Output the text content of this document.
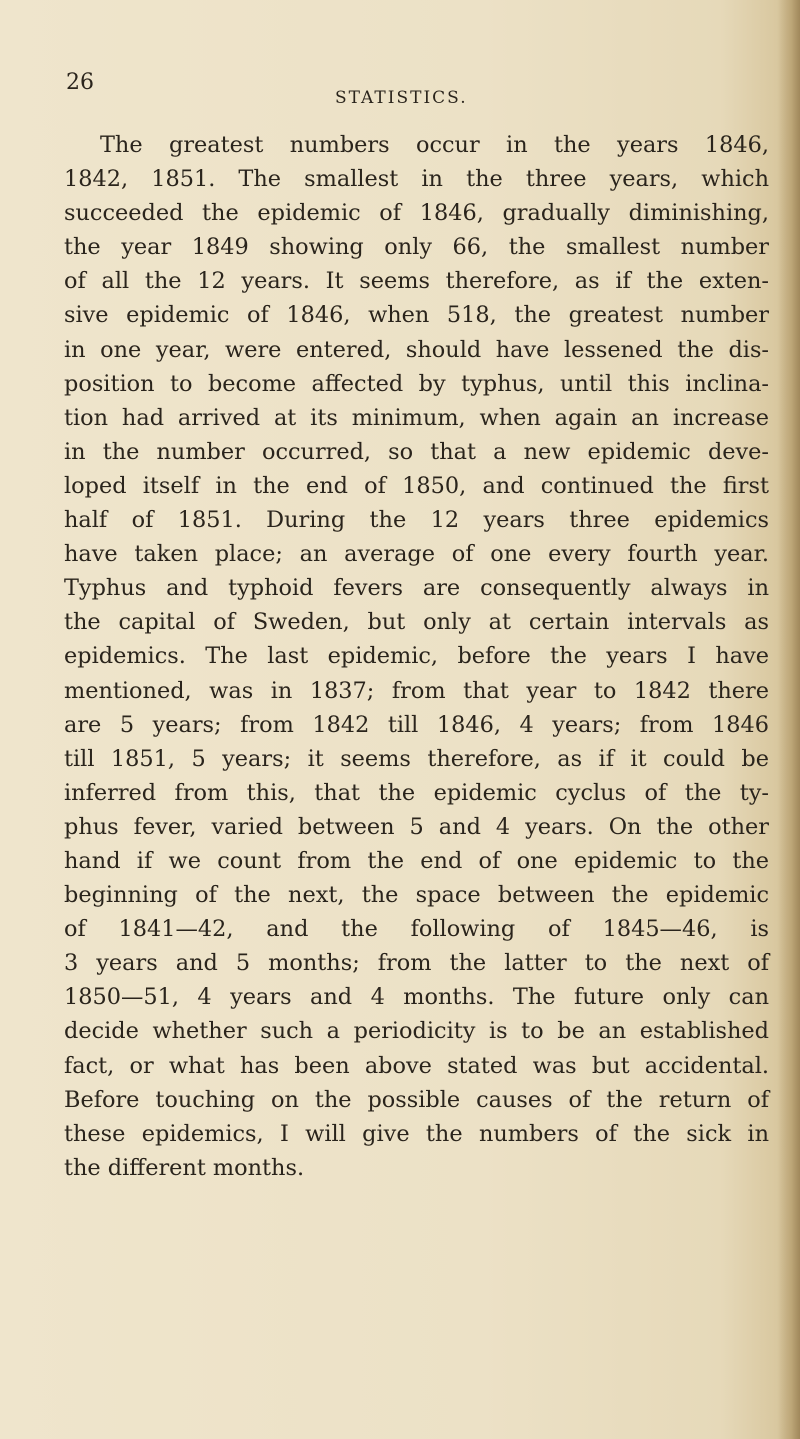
26
STATISTICS.
The greatest numbers occur in the years 1846,
1842, 1851. The smallest in the three years, which
succeeded the epidemic of 1846, gradually diminishing,
the year 1849 showing only 66, the smallest number
of all the 12 years. It seems therefore, as if the exten-
sive epidemic of 1846, when 518, the greatest number
in one year, were entered, should have lessened the dis-
position to become affected by typhus, until this inclina-
tion had arrived at its minimum, when again an increase
in the number occurred, so that a new epidemic deve-
loped itself in the end of 1850, and continued the first
half of 1851. During the 12 years three epidemics
have taken place; an average of one every fourth year.
Typhus and typhoid fevers are consequently always in
the capital of Sweden, but only at certain intervals as
epidemics. The last epidemic, before the years I have
mentioned, was in 1837; from that year to 1842 there
are 5 years; from 1842 till 1846, 4 years; from 1846
till 1851, 5 years; it seems therefore, as if it could be
inferred from this, that the epidemic cyclus of the ty-
phus fever, varied between 5 and 4 years. On the other
hand if we count from the end of one epidemic to the
beginning of the next, the space between the epidemic
of 1841—42, and the following of 1845—46, is
3 years and 5 months; from the latter to the next of
1850—51, 4 years and 4 months. The future only can
decide whether such a periodicity is to be an established
fact, or what has been above stated was but accidental.
Before touching on the possible causes of the return of
these epidemics, I will give the numbers of the sick in
the different months.
